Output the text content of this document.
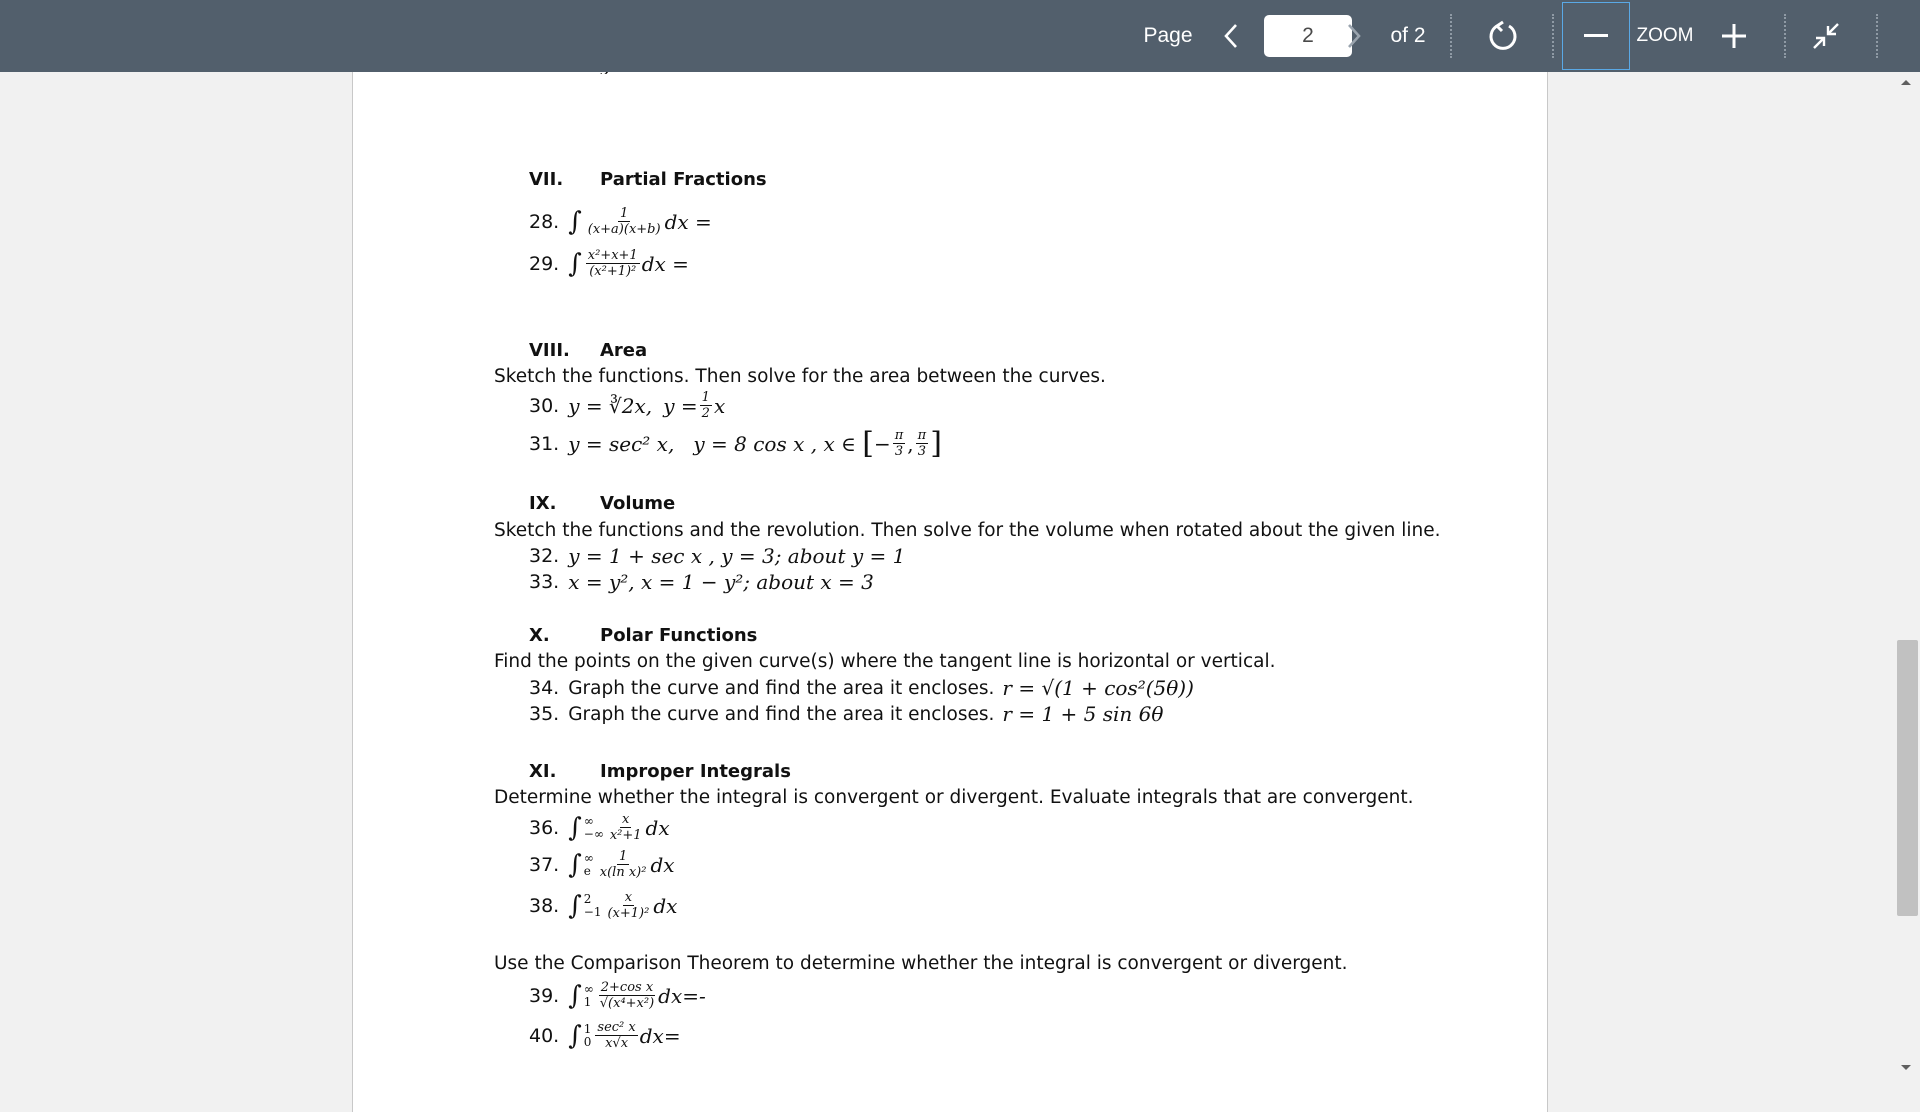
Page
2	of 2	ZOOM
VII. Partial Fractions
28. ∫	1
(x+a)(x+b) dx =
29. ∫ x²+x+1
(x²+1)² dx =
VIII. Area
Sketch the functions. Then solve for the area between the curves.
30. y = ∛2x,
$y = \frac{1}{2}$ x
31. y = sec² x,   y = 8 cos x , x ∈ [ − $\frac{\pi}{3}$ , π
3 ]
IX. Volume
Sketch the functions and the revolution. Then solve for the volume when rotated about the given line.
32. y = 1 + sec x , y = 3; about y = 1
33. x = y², x = 1 − y²; about x = 3
X.	Polar Functions
Find the points on the given curve(s) where the tangent line is horizontal or vertical.
34. Graph the curve and find the area it encloses. r = √(1 + cos²(5θ))
35. Graph the curve and find the area it encloses. r = 1 + 5 sin 6θ
XI. Improper Integrals
Determine whether the integral is convergent or divergent. Evaluate integrals that are convergent.
36. ∫ ∞
−∞
x
x²+1 dx
37. ∫ ∞
e
1
x(ln x)² dx
38. ∫ 2
−1
x
(x+1)² dx
Use the Comparison Theorem to determine whether the integral is convergent or divergent.
39. ∫ ∞
1
2+cos x
√(x⁴+x²) dx=-
40. ∫ 1
0
sec² x
x√x dx=
